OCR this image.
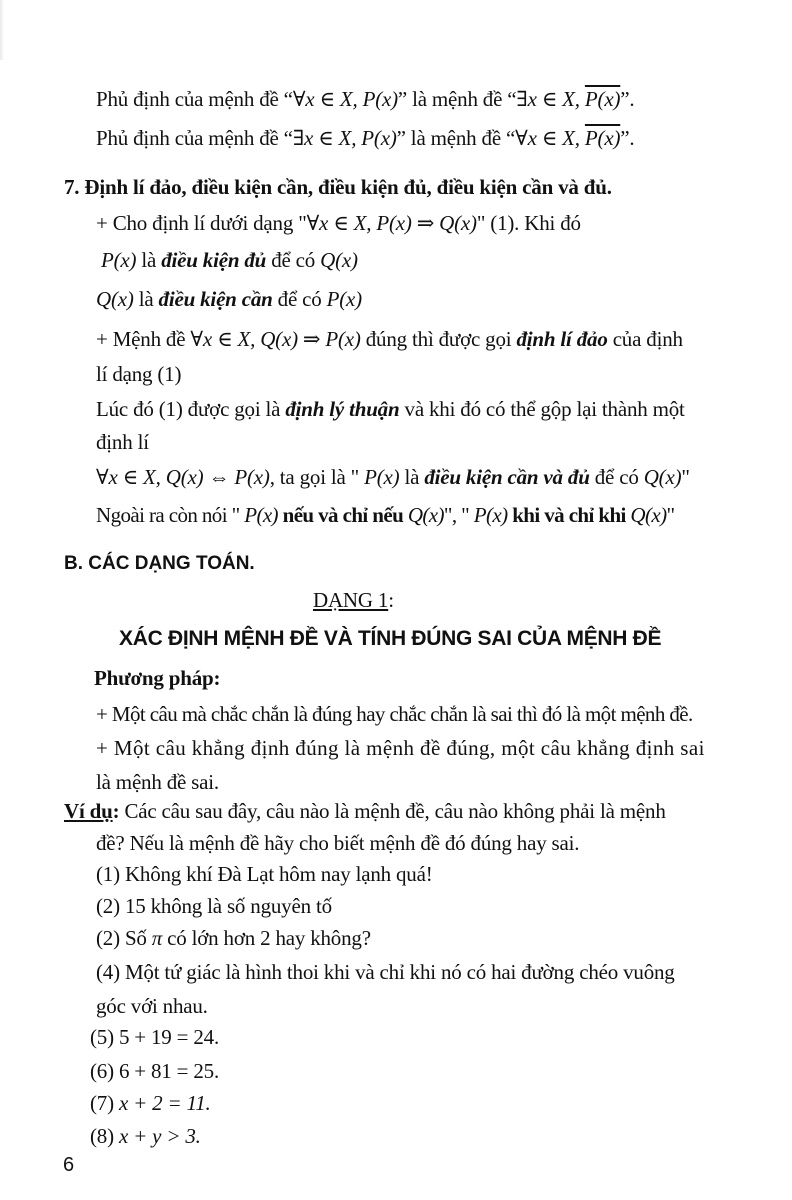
Phủ định của mệnh đề “∀x ∈ X, P(x)” là mệnh đề “∃x ∈ X, P(x)”.
Phủ định của mệnh đề “∃x ∈ X, P(x)” là mệnh đề “∀x ∈ X, P(x)”.
7. Định lí đảo, điều kiện cần, điều kiện đủ, điều kiện cần và đủ.
+ Cho định lí dưới dạng "∀x ∈ X, P(x) ⇒ Q(x)" (1). Khi đó
P(x) là điều kiện đủ để có Q(x)
Q(x) là điều kiện cần để có P(x)
+ Mệnh đề ∀x ∈ X, Q(x) ⇒ P(x) đúng thì được gọi định lí đảo của định
lí dạng (1)
Lúc đó (1) được gọi là định lý thuận và khi đó có thể gộp lại thành một
định lí
∀x ∈ X, Q(x) ⇔ P(x), ta gọi là " P(x) là điều kiện cần và đủ để có Q(x)"
Ngoài ra còn nói " P(x) nếu và chỉ nếu Q(x)", " P(x) khi và chỉ khi Q(x)"
B. CÁC DẠNG TOÁN.
DẠNG 1:
XÁC ĐỊNH MỆNH ĐỀ VÀ TÍNH ĐÚNG SAI CỦA MỆNH ĐỀ
Phương pháp:
+ Một câu mà chắc chắn là đúng hay chắc chắn là sai thì đó là một mệnh đề.
+ Một câu khẳng định đúng là mệnh đề đúng, một câu khẳng định sai
là mệnh đề sai.
Ví dụ: Các câu sau đây, câu nào là mệnh đề, câu nào không phải là mệnh
đề? Nếu là mệnh đề hãy cho biết mệnh đề đó đúng hay sai.
(1) Không khí Đà Lạt hôm nay lạnh quá!
(2) 15 không là số nguyên tố
(2) Số π có lớn hơn 2 hay không?
(4) Một tứ giác là hình thoi khi và chỉ khi nó có hai đường chéo vuông
góc với nhau.
(5) 5 + 19 = 24.
(6) 6 + 81 = 25.
(7) x + 2 = 11.
(8) x + y > 3.
6
